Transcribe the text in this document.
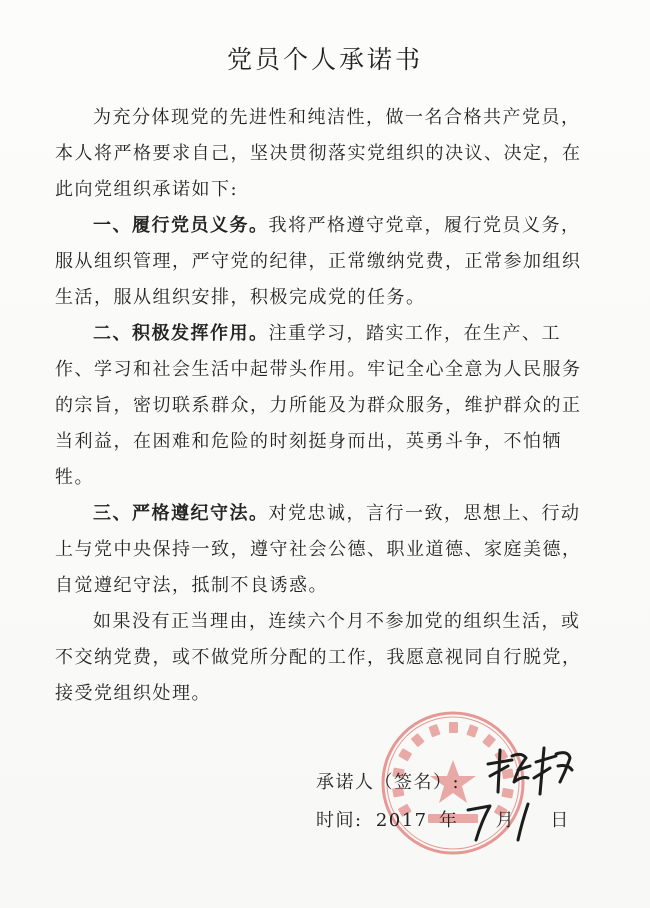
党员个人承诺书

为充分体现党的先进性和纯洁性，做一名合格共产党员，本人将严格要求自己，坚决贯彻落实党组织的决议、决定，在此向党组织承诺如下:

一、履行党员义务。我将严格遵守党章，履行党员义务，服从组织管理，严守党的纪律，正常缴纳党费，正常参加组织生活，服从组织安排，积极完成党的任务。

二、积极发挥作用。注重学习，踏实工作，在生产、工作、学习和社会生活中起带头作用。牢记全心全意为人民服务的宗旨，密切联系群众，力所能及为群众服务，维护群众的正当利益，在困难和危险的时刻挺身而出，英勇斗争，不怕牺牲。

三、严格遵纪守法。对党忠诚，言行一致，思想上、行动上与党中央保持一致，遵守社会公德、职业道德、家庭美德，自觉遵纪守法，抵制不良诱惑。

如果没有正当理由，连续六个月不参加党的组织生活，或不交纳党费，或不做党所分配的工作，我愿意视同自行脱党，接受党组织处理。

承诺人（签名）:
时间: 2017 年 月 日
